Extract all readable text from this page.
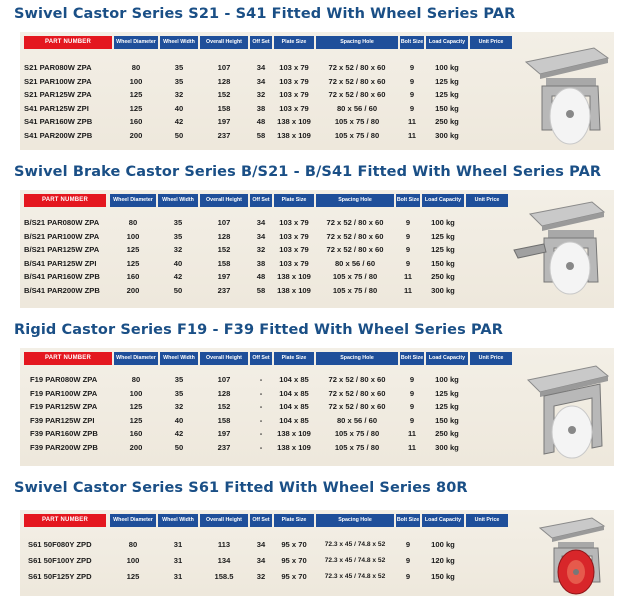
Swivel Castor Series S21 - S41 Fitted With Wheel Series PAR
PART NUMBER	Wheel Diameter	Wheel Width	Overall Height	Off Set	Plate Size	Spacing Hole	Bolt Size	Load Capacity	Unit Price
S21 PAR080W ZPA	80	35	107	34	103 x 79	72 x 52 / 80 x 60	9	100 kg
S21 PAR100W ZPA	100	35	128	34	103 x 79	72 x 52 / 80 x 60	9	125 kg
S21 PAR125W ZPA	125	32	152	32	103 x 79	72 x 52 / 80 x 60	9	125 kg
S41 PAR125W ZPI	125	40	158	38	103 x 79	80 x 56 / 60	9	150 kg
S41 PAR160W ZPB	160	42	197	48	138 x 109	105 x 75 / 80	11	250 kg
S41 PAR200W ZPB	200	50	237	58	138 x 109	105 x 75 / 80	11	300 kg
Swivel Brake Castor Series B/S21 - B/S41 Fitted With Wheel Series PAR
PART NUMBER	Wheel Diameter	Wheel Width	Overall Height	Off Set	Plate Size	Spacing Hole	Bolt Size	Load Capacity	Unit Price
B/S21 PAR080W ZPA	80	35	107	34	103 x 79	72 x 52 / 80 x 60	9	100 kg
B/S21 PAR100W ZPA	100	35	128	34	103 x 79	72 x 52 / 80 x 60	9	125 kg
B/S21 PAR125W ZPA	125	32	152	32	103 x 79	72 x 52 / 80 x 60	9	125 kg
B/S41 PAR125W ZPI	125	40	158	38	103 x 79	80 x 56 / 60	9	150 kg
B/S41 PAR160W ZPB	160	42	197	48	138 x 109	105 x 75 / 80	11	250 kg
B/S41 PAR200W ZPB	200	50	237	58	138 x 109	105 x 75 / 80	11	300 kg
Rigid Castor Series F19 - F39 Fitted With Wheel Series PAR
PART NUMBER	Wheel Diameter	Wheel Width	Overall Height	Off Set	Plate Size	Spacing Hole	Bolt Size	Load Capacity	Unit Price
F19 PAR080W ZPA	80	35	107	-	104 x 85	72 x 52 / 80 x 60	9	100 kg
F19 PAR100W ZPA	100	35	128	-	104 x 85	72 x 52 / 80 x 60	9	125 kg
F19 PAR125W ZPA	125	32	152	-	104 x 85	72 x 52 / 80 x 60	9	125 kg
F39 PAR125W ZPI	125	40	158	-	104 x 85	80 x 56 / 60	9	150 kg
F39 PAR160W ZPB	160	42	197	-	138 x 109	105 x 75 / 80	11	250 kg
F39 PAR200W ZPB	200	50	237	-	138 x 109	105 x 75 / 80	11	300 kg
Swivel Castor Series S61 Fitted With Wheel Series 80R
PART NUMBER	Wheel Diameter	Wheel Width	Overall Height	Off Set	Plate Size	Spacing Hole	Bolt Size	Load Capacity	Unit Price
S61 50F080Y ZPD	80	31	113	34	95 x 70	72.3 x 45 / 74.8 x 52	9	100 kg
S61 50F100Y ZPD	100	31	134	34	95 x 70	72.3 x 45 / 74.8 x 52	9	120 kg
S61 50F125Y ZPD	125	31	158.5	32	95 x 70	72.3 x 45 / 74.8 x 52	9	150 kg
